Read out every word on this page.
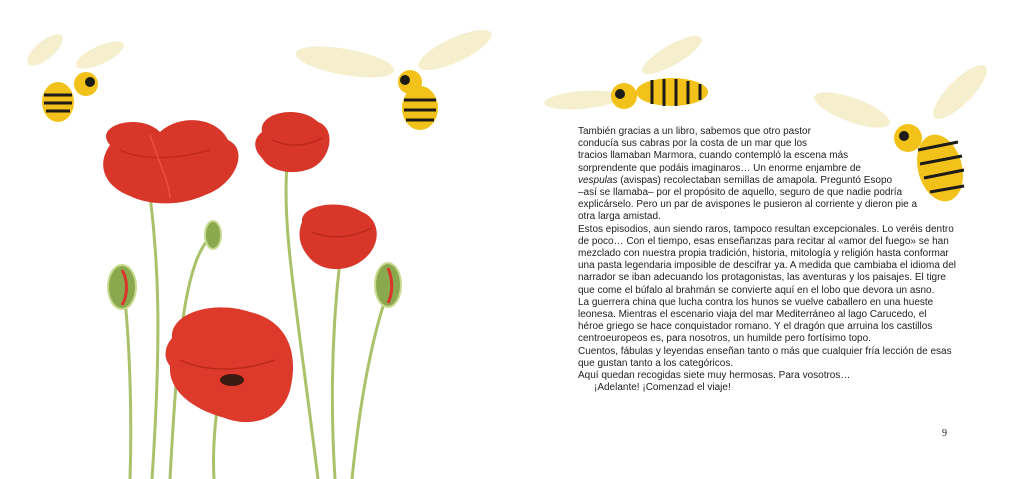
También gracias a un libro, sabemos que otro pastor

conducía sus cabras por la costa de un mar que los

tracios llamaban Marmora, cuando contempló la escena más

sorprendente que podáis imaginaros… Un enorme enjambre de

vespulas (avispas) recolectaban semillas de amapola. Preguntó Esopo

–así se llamaba– por el propósito de aquello, seguro de que nadie podría

explicárselo. Pero un par de avispones le pusieron al corriente y dieron pie a

otra larga amistad.

Estos episodios, aun siendo raros, tampoco resultan excepcionales. Lo veréis dentro

de poco… Con el tiempo, esas enseñanzas para recitar al «amor del fuego» se han

mezclado con nuestra propia tradición, historia, mitología y religión hasta conformar

una pasta legendaria imposible de descifrar ya. A medida que cambiaba el idioma del

narrador se iban adecuando los protagonistas, las aventuras y los paisajes. El tigre

que come el búfalo al brahmán se convierte aquí en el lobo que devora un asno.

La guerrera china que lucha contra los hunos se vuelve caballero en una hueste

leonesa. Mientras el escenario viaja del mar Mediterráneo al lago Carucedo, el

héroe griego se hace conquistador romano. Y el dragón que arruina los castillos

centroeuropeos es, para nosotros, un humilde pero fortísimo topo.

Cuentos, fábulas y leyendas enseñan tanto o más que cualquier fría lección de esas

que gustan tanto a los categóricos.

Aquí quedan recogidas siete muy hermosas. Para vosotros…

¡Adelante! ¡Comenzad el viaje!

9
